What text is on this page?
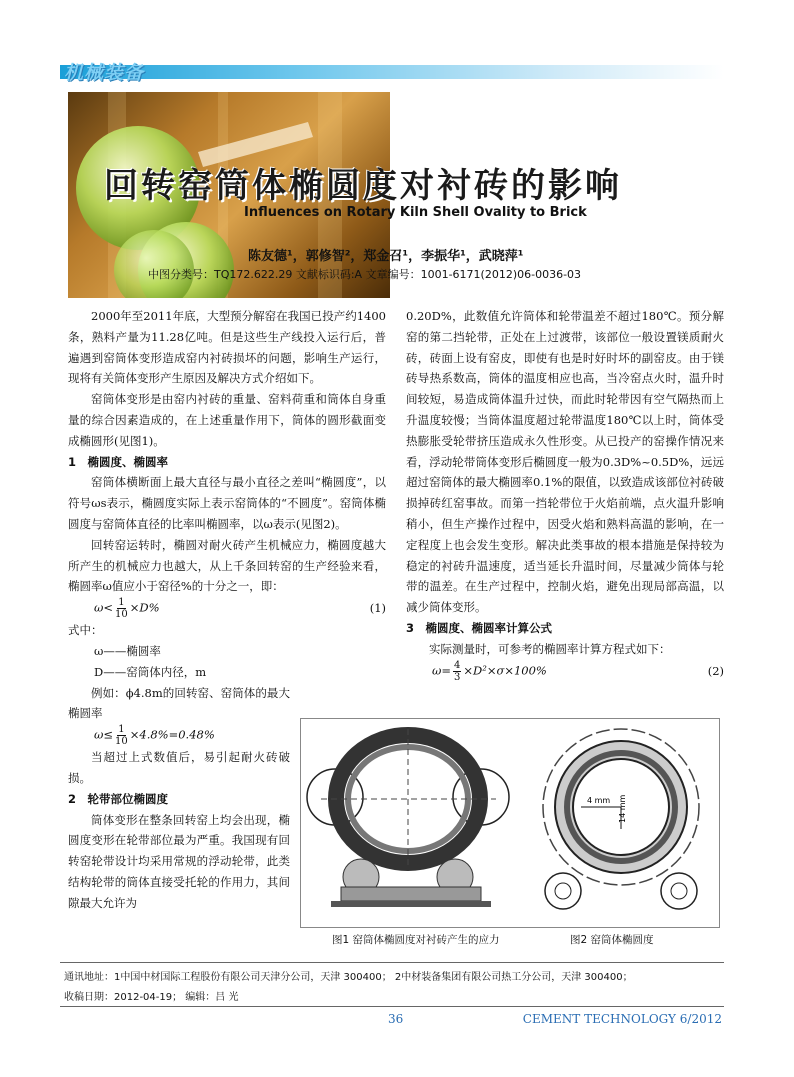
机械装备
回转窑筒体椭圆度对衬砖的影响
Influences on Rotary Kiln Shell Ovality to Brick
陈友德¹，郭修智²，郑金召¹，李振华¹，武晓萍¹
中图分类号：TQ172.622.29 文献标识码:A 文章编号：1001-6171(2012)06-0036-03

2000年至2011年底，大型预分解窑在我国已投产约1400条，熟料产量为11.28亿吨。但是这些生产线投入运行后，普遍遇到窑筒体变形造成窑内衬砖损坏的问题，影响生产运行，现将有关筒体变形产生原因及解决方式介绍如下。

窑筒体变形是由窑内衬砖的重量、窑料荷重和筒体自身重量的综合因素造成的，在上述重量作用下，筒体的圆形截面变成椭圆形(见图1)。

1　椭圆度、椭圆率

窑筒体横断面上最大直径与最小直径之差叫“椭圆度”，以符号ωs表示，椭圆度实际上表示窑筒体的“不圆度”。窑筒体椭圆度与窑筒体直径的比率叫椭圆率，以ω表示(见图2)。

回转窑运转时，椭圆对耐火砖产生机械应力，椭圆度越大所产生的机械应力也越大，从上千条回转窑的生产经验来看，椭圆率ω值应小于窑径%的十分之一，即：

$\omega< \frac{1}{10} \times D\%$	(1)

式中：

ω——椭圆率

D——窑筒体内径，m

例如：ϕ4.8m的回转窑、窑筒体的最大椭圆率

$\omega\le \frac{1}{10} \times 4.8\%=0.48\%$

当超过上式数值后，易引起耐火砖破损。

2　轮带部位椭圆度

筒体变形在整条回转窑上均会出现，椭圆度变形在轮带部位最为严重。我国现有回转窑轮带设计均采用常规的浮动轮带，此类结构轮带的筒体直接受托轮的作用力，其间隙最大允许为

0.20D%，此数值允许筒体和轮带温差不超过180℃。预分解窑的第二挡轮带，正处在上过渡带，该部位一般设置镁质耐火砖，砖面上设有窑皮，即使有也是时好时坏的副窑皮。由于镁砖导热系数高，筒体的温度相应也高，当冷窑点火时，温升时间较短，易造成筒体温升过快，而此时轮带因有空气隔热而上升温度较慢；当筒体温度超过轮带温度180℃以上时，筒体受热膨胀受轮带挤压造成永久性形变。从已投产的窑操作情况来看，浮动轮带筒体变形后椭圆度一般为0.3D%~0.5D%，远远超过窑筒体的最大椭圆率0.1%的限值，以致造成该部位衬砖破损掉砖红窑事故。而第一挡轮带位于火焰前端，点火温升影响稍小，但生产操作过程中，因受火焰和熟料高温的影响，在一定程度上也会发生变形。解决此类事故的根本措施是保持较为稳定的衬砖升温速度，适当延长升温时间，尽量减少筒体与轮带的温差。在生产过程中，控制火焰，避免出现局部高温，以减少筒体变形。

3　椭圆度、椭圆率计算公式

实际测量时，可参考的椭圆率计算方程式如下：

$\omega= \frac{4}{3} \times D^2\times\sigma\times 100\%$	(2)
4 mm 14 mm
图1 窑筒体椭圆度对衬砖产生的应力	图2 窑筒体椭圆度
通讯地址：1中国中材国际工程股份有限公司天津分公司，天津 300400； 2中材装备集团有限公司热工分公司，天津 300400；
收稿日期：2012-04-19； 编辑：吕 光
36	CEMENT TECHNOLOGY 6/2012
